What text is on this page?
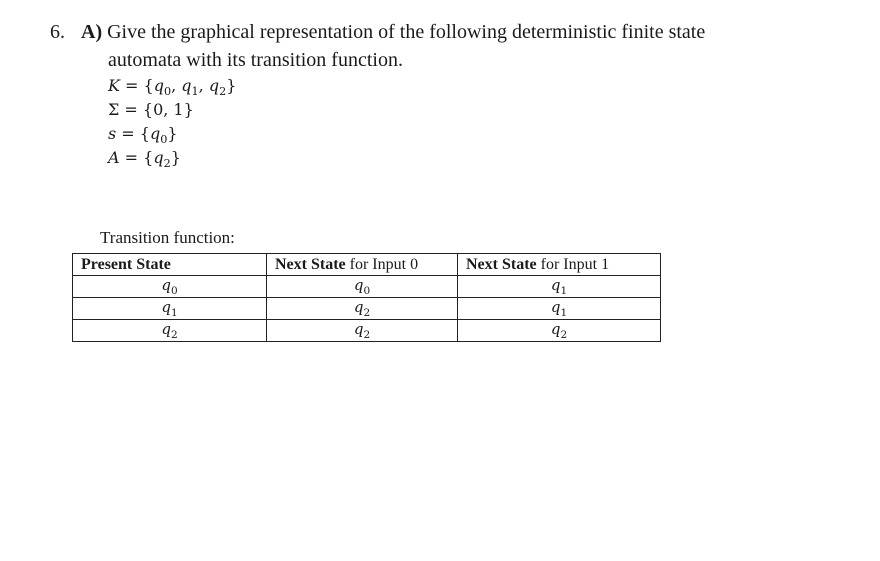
6. A) Give the graphical representation of the following deterministic finite state
automata with its transition function.
$K = \{q_0$, $q_1$, $q_2$}
Σ = {0, 1}
$s = \{q_0\}$
$A = \{q_2\}$
Transition function:
Present State	Next State for Input 0	Next State for Input 1
$q_0$	$q_0$	$q_1$
$q_1$	$q_2$	$q_1$
$q_2$	$q_2$	$q_2$
